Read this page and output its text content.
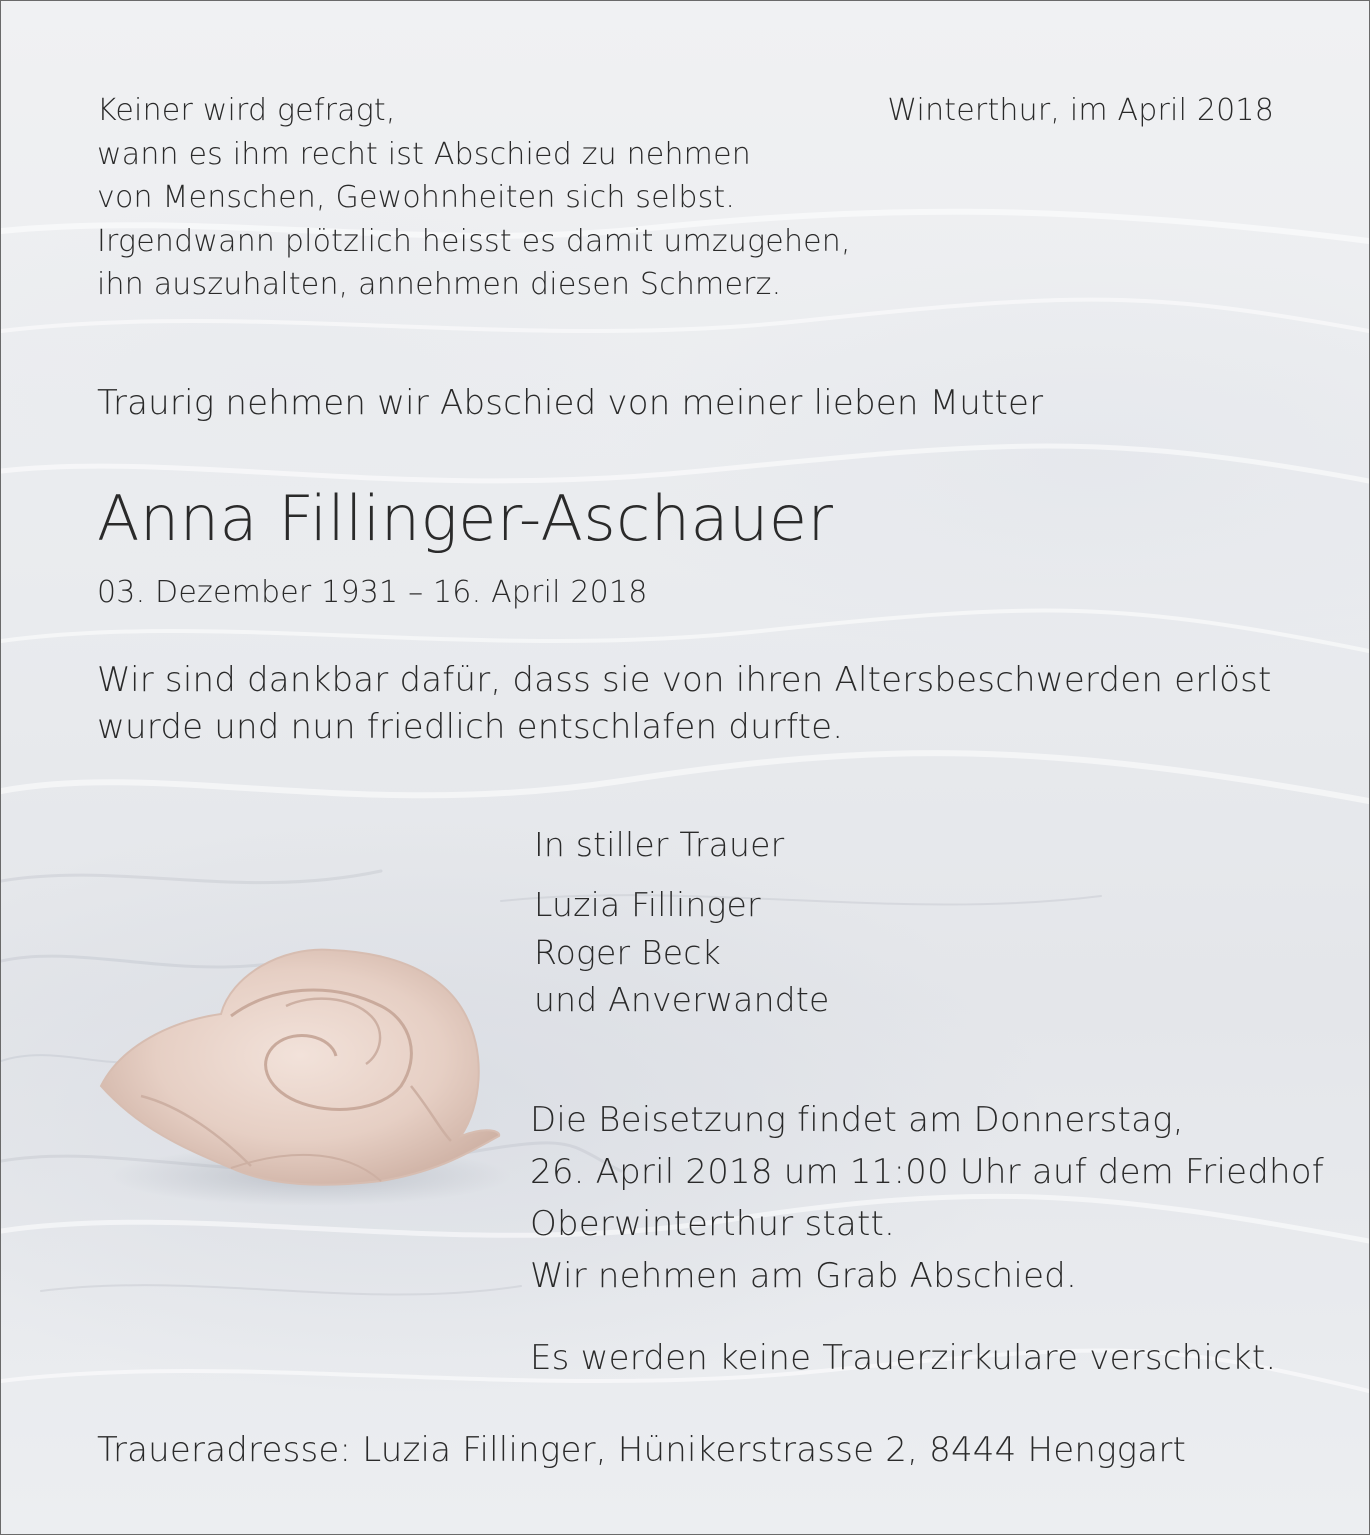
Keiner wird gefragt,
wann es ihm recht ist Abschied zu nehmen
von Menschen, Gewohnheiten sich selbst.
Irgendwann plötzlich heisst es damit umzugehen,
ihn auszuhalten, annehmen diesen Schmerz.

Winterthur, im April 2018

Traurig nehmen wir Abschied von meiner lieben Mutter

Anna Fillinger-Aschauer

03. Dezember 1931 – 16. April 2018

Wir sind dankbar dafür, dass sie von ihren Altersbeschwerden erlöst
wurde und nun friedlich entschlafen durfte.

In stiller Trauer

Luzia Fillinger
Roger Beck
und Anverwandte

Die Beisetzung findet am Donnerstag,
26. April 2018 um 11:00 Uhr auf dem Friedhof
Oberwinterthur statt.
Wir nehmen am Grab Abschied.

Es werden keine Trauerzirkulare verschickt.

Traueradresse: Luzia Fillinger, Hünikerstrasse 2, 8444 Henggart
